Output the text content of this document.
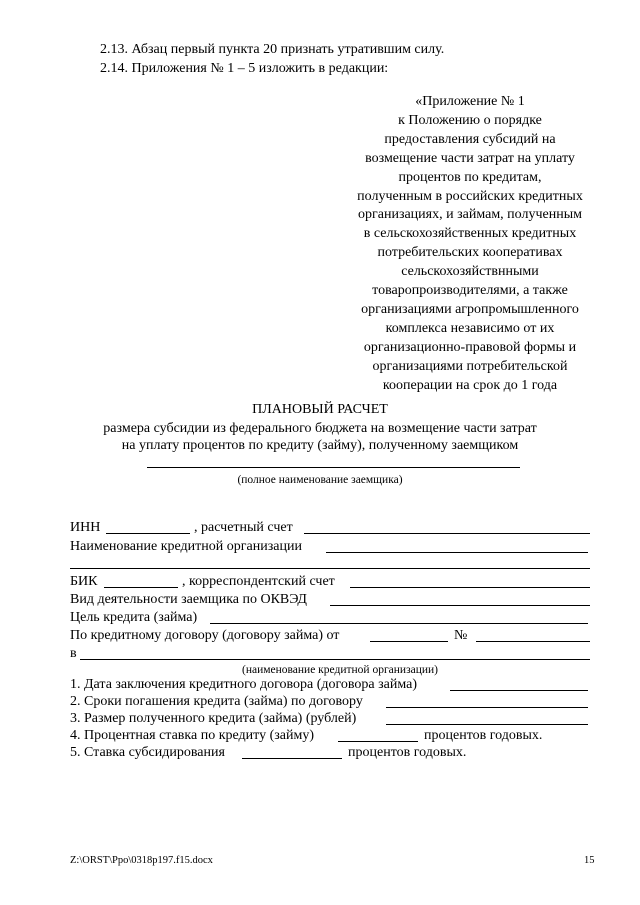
2.13. Абзац первый пункта 20 признать утратившим силу.
2.14. Приложения № 1 – 5 изложить в редакции:
«Приложение № 1
к Положению о порядке
предоставления субсидий на
возмещение части затрат на уплату
процентов по кредитам,
полученным в российских кредитных
организациях, и займам, полученным
в сельскохозяйственных кредитных
потребительских кооперативах
сельскохозяйствнными
товаропроизводителями, а также
организациями агропромышленного
комплекса независимо от их
организационно-правовой формы и
организациями потребительской
кооперации на срок до 1 года
ПЛАНОВЫЙ РАСЧЕТ
размера субсидии из федерального бюджета на возмещение части затрат
на уплату процентов по кредиту (займу), полученному заемщиком
(полное наименование заемщика)
ИНН	, расчетный счет
Наименование кредитной организации
БИК	, корреспондентский счет
Вид деятельности заемщика по ОКВЭД
Цель кредита (займа)
По кредитному договору (договору займа) от	№
в
(наименование кредитной организации)
1. Дата заключения кредитного договора (договора займа)
2. Сроки погашения кредита (займа) по договору
3. Размер полученного кредита (займа) (рублей)
4. Процентная ставка по кредиту (займу)	процентов годовых.
5. Ставка субсидирования	процентов годовых.
Z:\ORST\Ppo\0318p197.f15.docx	15
